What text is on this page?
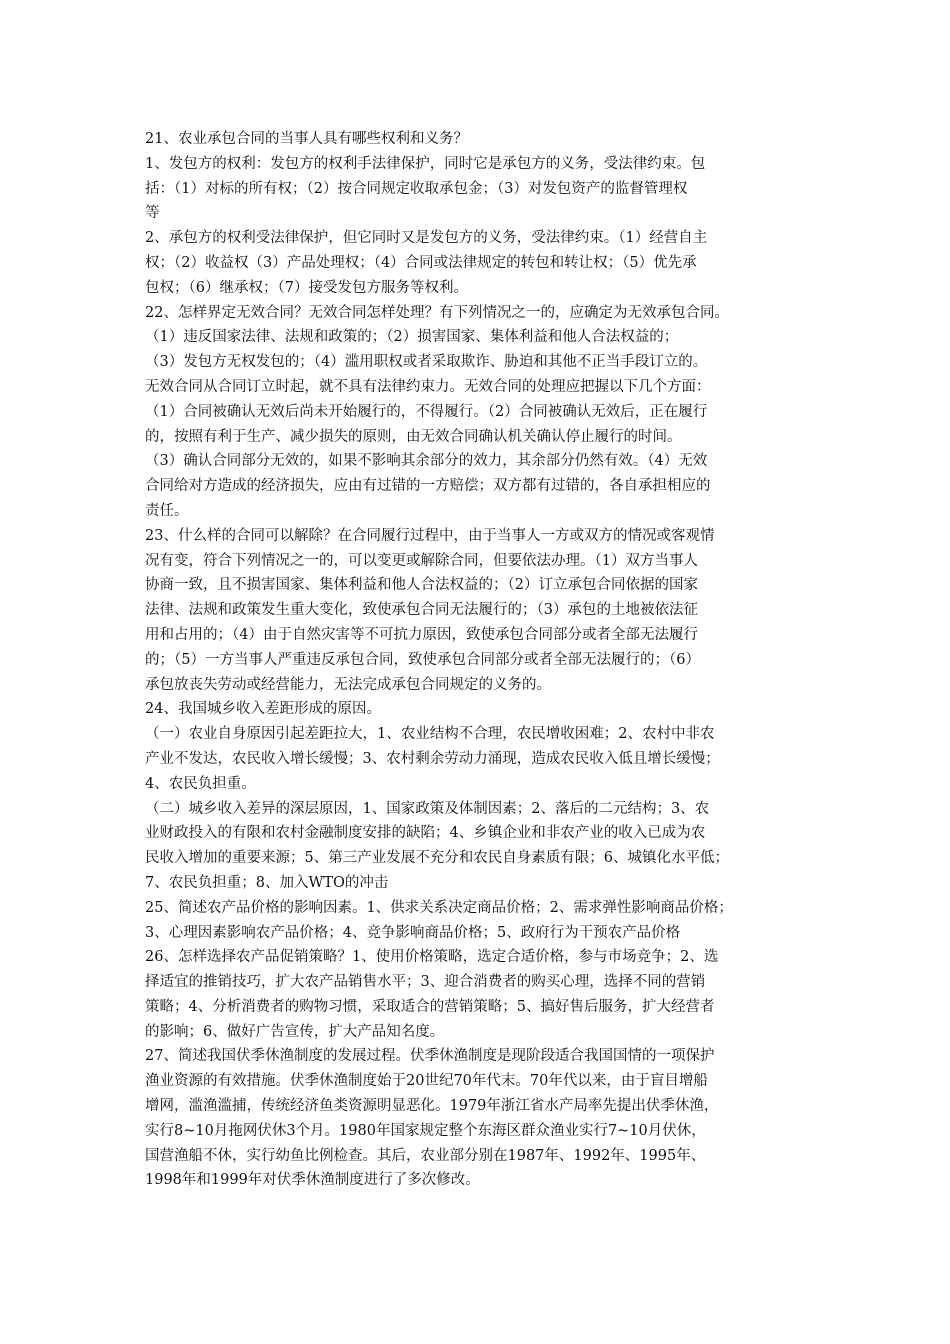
21、农业承包合同的当事人具有哪些权利和义务？
1、发包方的权利：发包方的权利手法律保护，同时它是承包方的义务，受法律约束。包
括：（1）对标的所有权；（2）按合同规定收取承包金；（3）对发包资产的监督管理权
等
2、承包方的权利受法律保护，但它同时又是发包方的义务，受法律约束。（1）经营自主
权；（2）收益权（3）产品处理权；（4）合同或法律规定的转包和转让权；（5）优先承
包权；（6）继承权；（7）接受发包方服务等权利。
22、怎样界定无效合同？无效合同怎样处理？有下列情况之一的，应确定为无效承包合同。
（1）违反国家法律、法规和政策的；（2）损害国家、集体利益和他人合法权益的；
（3）发包方无权发包的；（4）滥用职权或者采取欺诈、胁迫和其他不正当手段订立的。
无效合同从合同订立时起，就不具有法律约束力。无效合同的处理应把握以下几个方面：
（1）合同被确认无效后尚未开始履行的，不得履行。（2）合同被确认无效后，正在履行
的，按照有利于生产、减少损失的原则，由无效合同确认机关确认停止履行的时间。
（3）确认合同部分无效的，如果不影响其余部分的效力，其余部分仍然有效。（4）无效
合同给对方造成的经济损失，应由有过错的一方赔偿；双方都有过错的，各自承担相应的
责任。
23、什么样的合同可以解除？在合同履行过程中，由于当事人一方或双方的情况或客观情
况有变，符合下列情况之一的，可以变更或解除合同，但要依法办理。（1）双方当事人
协商一致，且不损害国家、集体利益和他人合法权益的；（2）订立承包合同依据的国家
法律、法规和政策发生重大变化，致使承包合同无法履行的；（3）承包的土地被依法征
用和占用的；（4）由于自然灾害等不可抗力原因，致使承包合同部分或者全部无法履行
的；（5）一方当事人严重违反承包合同，致使承包合同部分或者全部无法履行的；（6）
承包放丧失劳动或经营能力，无法完成承包合同规定的义务的。
24、我国城乡收入差距形成的原因。
（一）农业自身原因引起差距拉大，1、农业结构不合理，农民增收困难；2、农村中非农
产业不发达，农民收入增长缓慢；3、农村剩余劳动力涌现，造成农民收入低且增长缓慢；
4、农民负担重。
（二）城乡收入差异的深层原因，1、国家政策及体制因素；2、落后的二元结构；3、农
业财政投入的有限和农村金融制度安排的缺陷；4、乡镇企业和非农产业的收入已成为农
民收入增加的重要来源；5、第三产业发展不充分和农民自身素质有限；6、城镇化水平低；
7、农民负担重；8、加入WTO的冲击
25、简述农产品价格的影响因素。1、供求关系决定商品价格；2、需求弹性影响商品价格；
3、心理因素影响农产品价格；4、竞争影响商品价格；5、政府行为干预农产品价格
26、怎样选择农产品促销策略？1、使用价格策略，选定合适价格，参与市场竞争；2、选
择适宜的推销技巧，扩大农产品销售水平；3、迎合消费者的购买心理，选择不同的营销
策略；4、分析消费者的购物习惯，采取适合的营销策略；5、搞好售后服务，扩大经营者
的影响；6、做好广告宣传，扩大产品知名度。
27、简述我国伏季休渔制度的发展过程。伏季休渔制度是现阶段适合我国国情的一项保护
渔业资源的有效措施。伏季休渔制度始于20世纪70年代末。70年代以来，由于盲目增船
增网，滥渔滥捕，传统经济鱼类资源明显恶化。1979年浙江省水产局率先提出伏季休渔，
实行8~10月拖网伏休3个月。1980年国家规定整个东海区群众渔业实行7~10月伏休，
国营渔船不休，实行幼鱼比例检查。其后，农业部分别在1987年、1992年、1995年、
1998年和1999年对伏季休渔制度进行了多次修改。
